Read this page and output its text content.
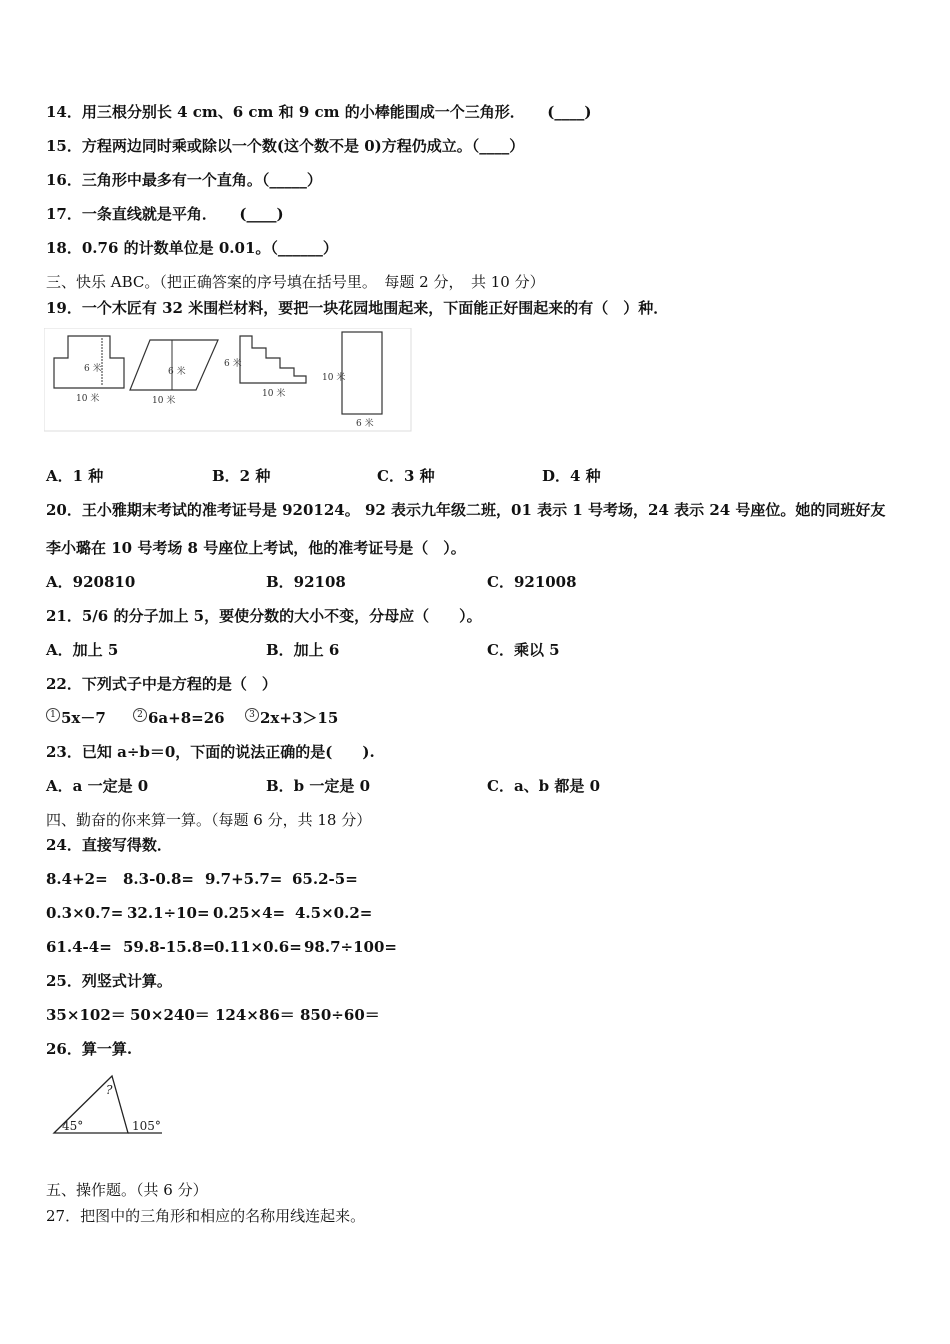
14．用三根分别长 4 cm、6 cm 和 9 cm 的小棒能围成一个三角形．　　(____)
15．方程两边同时乘或除以一个数(这个数不是 0)方程仍成立。（____）
16．三角形中最多有一个直角。（_____）
17．一条直线就是平角．　　(____)
18．0.76 的计数单位是 0.01。（______）
三、快乐 ABC。（把正确答案的序号填在括号里。　每题 2 分，　共 10 分）
19．一个木匠有 32 米围栏材料，要把一块花园地围起来，下面能正好围起来的有（　）种．
6 米
10 米
6 米
10 米
6 米
10 米
10 米
6 米
A．1 种	B．2 种	C．3 种	D．4 种
20．王小雅期末考试的准考证号是 920124。 92 表示九年级二班，01 表示 1 号考场，24 表示 24 号座位。她的同班好友
李小璐在 10 号考场 8 号座位上考试，他的准考证号是（　）。
A．920810	B．92108	C．921008
21．5/6 的分子加上 5，要使分数的大小不变，分母应（　　）。
A．加上 5	B．加上 6	C．乘以 5
22．下列式子中是方程的是（　）
1 5x－7	2 6a+8=26	3 2x+3＞15
23．已知 a÷b＝0，下面的说法正确的是(　　).
A．a 一定是 0	B．b 一定是 0	C．a、b 都是 0
四、勤奋的你来算一算。（每题 6 分，共 18 分）
24．直接写得数．
8.4+2= 8.3-0.8= 9.7+5.7= 65.2-5=
0.3×0.7= 32.1÷10= 0.25×4= 4.5×0.2=
61.4-4= 59.8-15.8= 0.11×0.6= 98.7÷100=
25．列竖式计算。
35×102＝ 50×240＝ 124×86＝ 850÷60＝
26．算一算.
?
45°	105°
五、操作题。（共 6 分）
27．把图中的三角形和相应的名称用线连起来。
